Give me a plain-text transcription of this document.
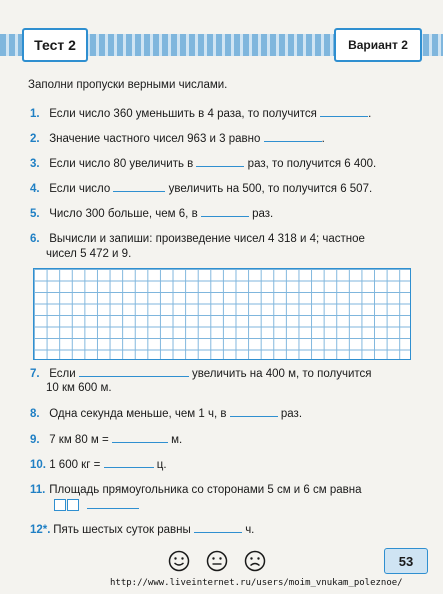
Тест 2	Вариант 2
Заполни пропуски верными числами.
1. Если число 360 уменьшить в 4 раза, то получится	.
2. Значение частного чисел 963 и 3 равно	.
3. Если число 80 увеличить в	раз, то получится 6 400.
4. Если число	увеличить на 500, то получится 6 507.
5. Число 300 больше, чем 6, в	раз.
6. Вычисли и запиши: произведение чисел 4 318 и 4; частное
чисел 5 472 и 9.
7. Если	увеличить на 400 м, то получится
10 км 600 м.
8. Одна секунда меньше, чем 1 ч, в	раз.
9. 7 км 80 м =	м.
10. 1 600 кг =	ц.
11. Площадь прямоугольника со сторонами 5 см и 6 см равна

12*. Пять шестых суток равны	ч.
53
http://www.liveinternet.ru/users/moim_vnukam_poleznoe/
